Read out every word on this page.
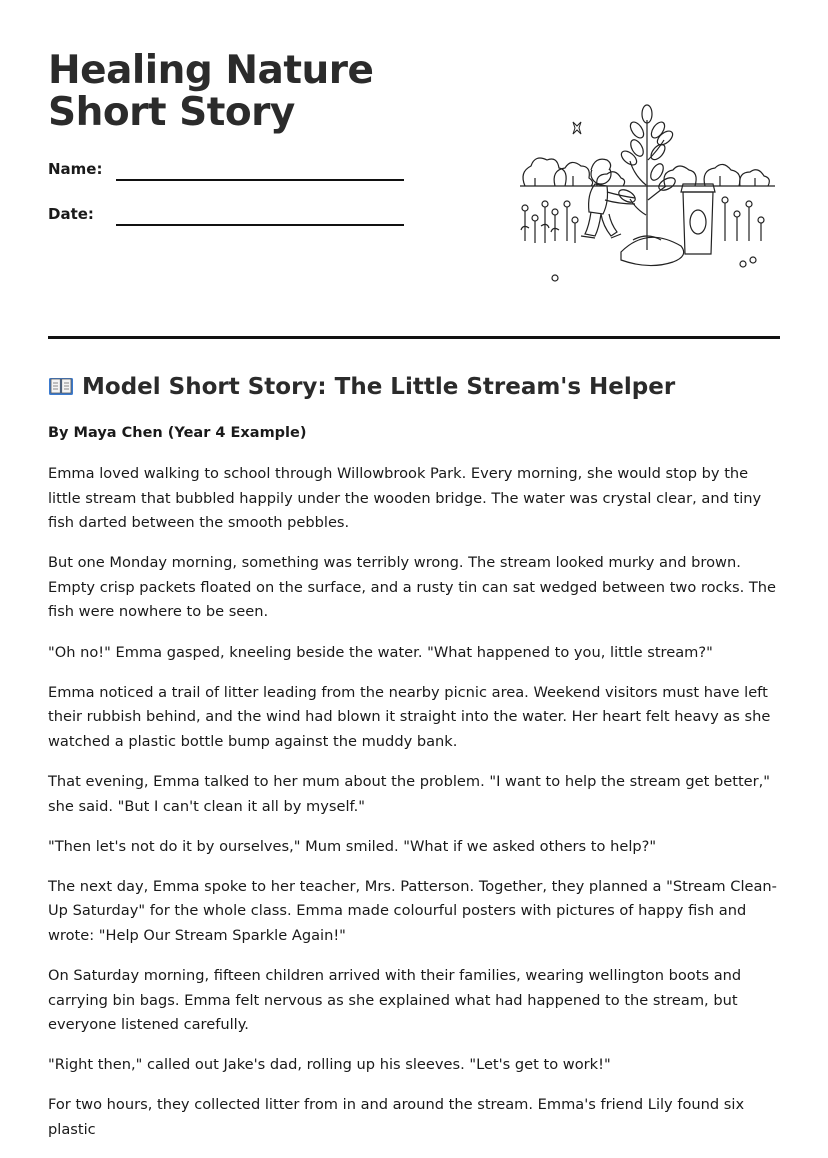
Healing Nature Short Story
Name:
Date:
Model Short Story: The Little Stream's Helper
By Maya Chen (Year 4 Example)

Emma loved walking to school through Willowbrook Park. Every morning, she would stop by the little stream that bubbled happily under the wooden bridge. The water was crystal clear, and tiny fish darted between the smooth pebbles.

But one Monday morning, something was terribly wrong. The stream looked murky and brown. Empty crisp packets floated on the surface, and a rusty tin can sat wedged between two rocks. The fish were nowhere to be seen.

"Oh no!" Emma gasped, kneeling beside the water. "What happened to you, little stream?"

Emma noticed a trail of litter leading from the nearby picnic area. Weekend visitors must have left their rubbish behind, and the wind had blown it straight into the water. Her heart felt heavy as she watched a plastic bottle bump against the muddy bank.

That evening, Emma talked to her mum about the problem. "I want to help the stream get better," she said. "But I can't clean it all by myself."

"Then let's not do it by ourselves," Mum smiled. "What if we asked others to help?"

The next day, Emma spoke to her teacher, Mrs. Patterson. Together, they planned a "Stream Clean-Up Saturday" for the whole class. Emma made colourful posters with pictures of happy fish and wrote: "Help Our Stream Sparkle Again!"

On Saturday morning, fifteen children arrived with their families, wearing wellington boots and carrying bin bags. Emma felt nervous as she explained what had happened to the stream, but everyone listened carefully.

"Right then," called out Jake's dad, rolling up his sleeves. "Let's get to work!"

For two hours, they collected litter from in and around the stream. Emma's friend Lily found six plastic
